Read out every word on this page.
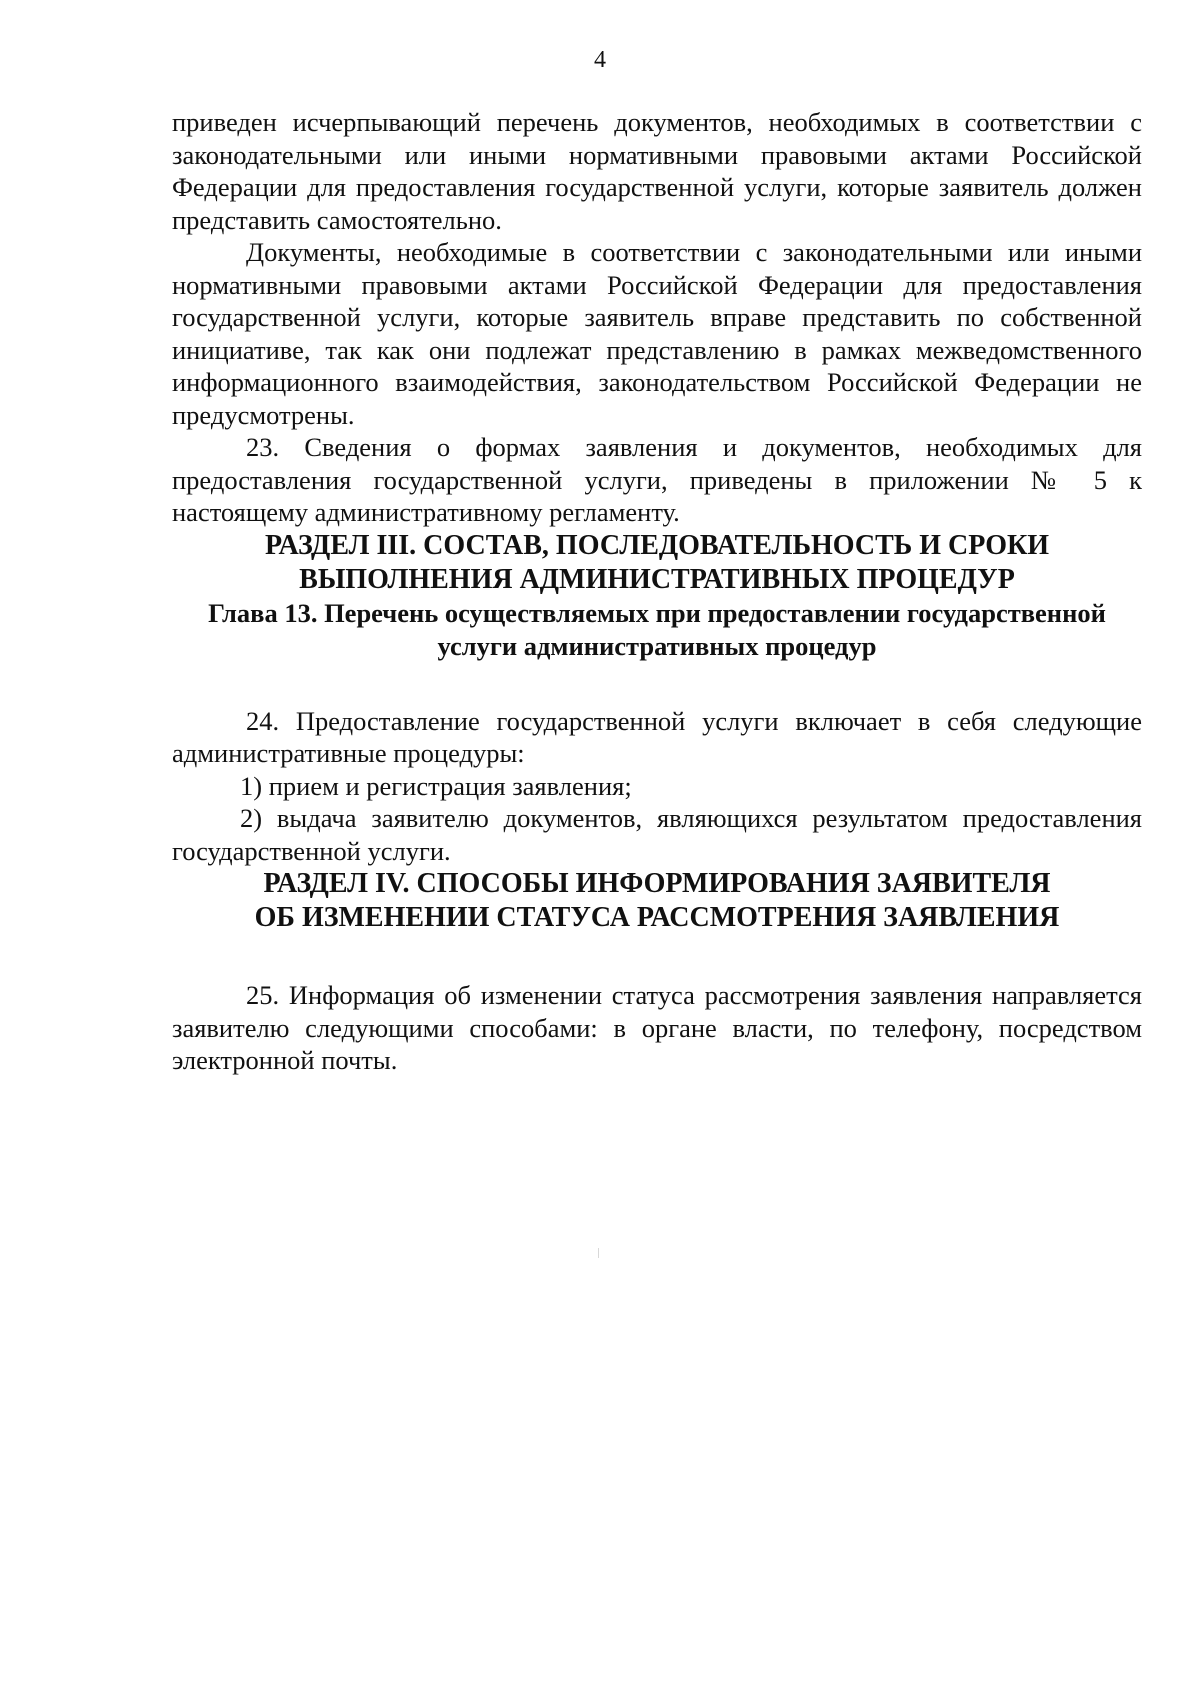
4

приведен исчерпывающий перечень документов, необходимых в соответствии с законодательными или иными нормативными правовыми актами Российской Федерации для предоставления государственной услуги, которые заявитель должен представить самостоятельно.

Документы, необходимые в соответствии с законодательными или иными нормативными правовыми актами Российской Федерации для предоставления государственной услуги, которые заявитель вправе представить по собственной инициативе, так как они подлежат представлению в рамках межведомственного информационного взаимодействия, законодательством Российской Федерации не предусмотрены.

23. Сведения о формах заявления и документов, необходимых для предоставления государственной услуги, приведены в приложении № 5 к настоящему административному регламенту.

РАЗДЕЛ III. СОСТАВ, ПОСЛЕДОВАТЕЛЬНОСТЬ И СРОКИ
ВЫПОЛНЕНИЯ АДМИНИСТРАТИВНЫХ ПРОЦЕДУР
Глава 13. Перечень осуществляемых при предоставлении государственной
услуги административных процедур

24. Предоставление государственной услуги включает в себя следующие административные процедуры:

1) прием и регистрация заявления;

2) выдача заявителю документов, являющихся результатом предоставления государственной услуги.

РАЗДЕЛ IV. СПОСОБЫ ИНФОРМИРОВАНИЯ ЗАЯВИТЕЛЯ
ОБ ИЗМЕНЕНИИ СТАТУСА РАССМОТРЕНИЯ ЗАЯВЛЕНИЯ

25. Информация об изменении статуса рассмотрения заявления направляется заявителю следующими способами: в органе власти, по телефону, посредством электронной почты.
